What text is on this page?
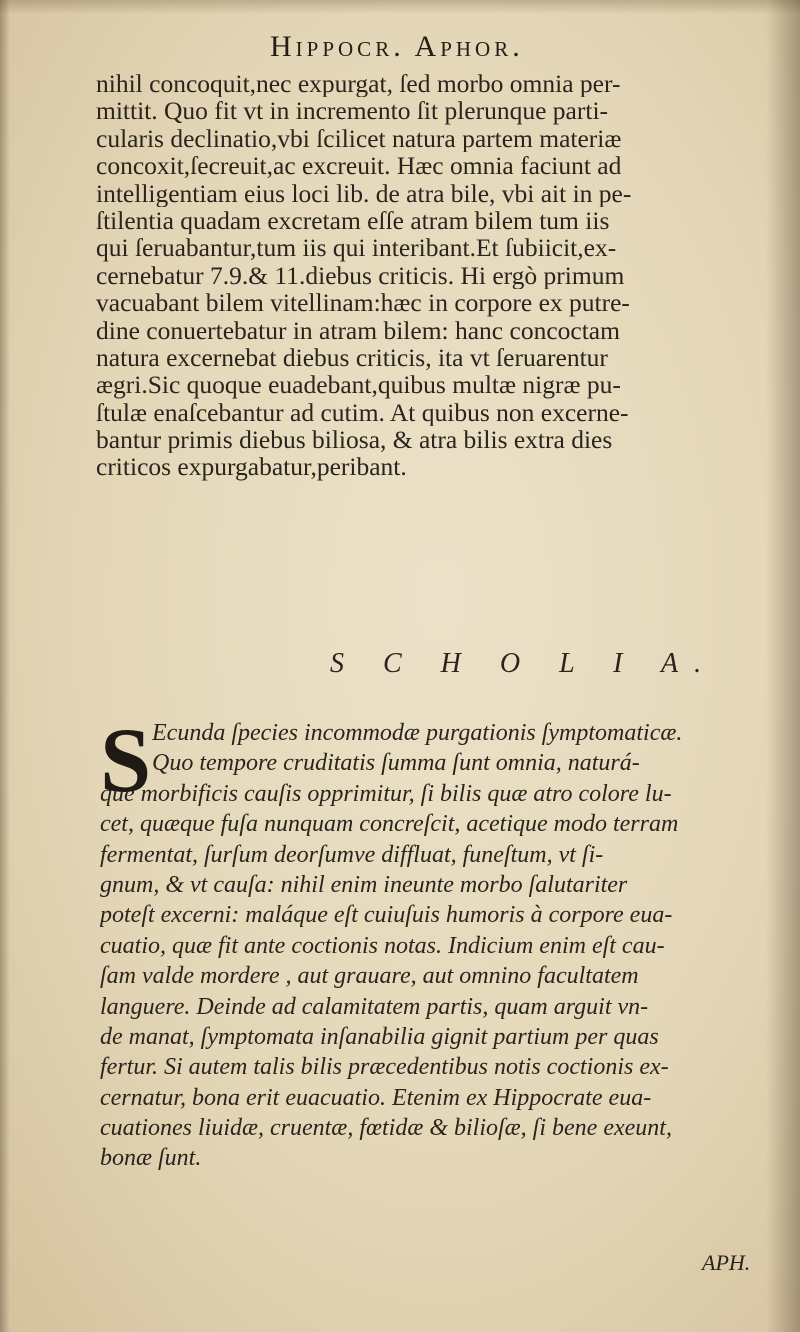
Hippocr. Aphor.
nihil concoquit,nec expurgat, ſed morbo omnia per-
mittit. Quo fit vt in incremento ſit plerunque parti-
cularis declinatio,vbi ſcilicet natura partem materiæ
concoxit,ſecreuit,ac excreuit. Hæc omnia faciunt ad
intelligentiam eius loci lib. de atra bile, vbi ait in pe-
ſtilentia quadam excretam eſſe atram bilem tum iis
qui ſeruabantur,tum iis qui interibant.Et ſubiicit,ex-
cernebatur 7.9.& 11.diebus criticis. Hi ergò primum
vacuabant bilem vitellinam:hæc in corpore ex putre-
dine conuertebatur in atram bilem: hanc concoctam
natura excernebat diebus criticis, ita vt ſeruarentur
ægri.Sic quoque euadebant,quibus multæ nigræ pu-
ſtulæ enaſcebantur ad cutim. At quibus non excerne-
bantur primis diebus biliosa, & atra bilis extra dies
criticos expurgabatur,peribant.
S C H O L I A.
S Ecunda ſpecies incommodæ purgationis ſymptomaticæ.
Quo tempore cruditatis ſumma ſunt omnia, naturá-
que morbificis cauſis opprimitur, ſi bilis quæ atro colore lu-
cet, quæque fuſa nunquam concreſcit, acetique modo terram
fermentat, ſurſum deorſumve diffluat, funeſtum, vt ſi-
gnum, & vt cauſa: nihil enim ineunte morbo ſalutariter
poteſt excerni: maláque eſt cuiuſuis humoris à corpore eua-
cuatio, quæ fit ante coctionis notas. Indicium enim eſt cau-
ſam valde mordere , aut grauare, aut omnino facultatem
languere. Deinde ad calamitatem partis, quam arguit vn-
de manat, ſymptomata inſanabilia gignit partium per quas
fertur. Si autem talis bilis præcedentibus notis coctionis ex-
cernatur, bona erit euacuatio. Etenim ex Hippocrate eua-
cuationes liuidæ, cruentæ, fœtidæ & bilioſæ, ſi bene exeunt,
bonæ ſunt.
APH.
